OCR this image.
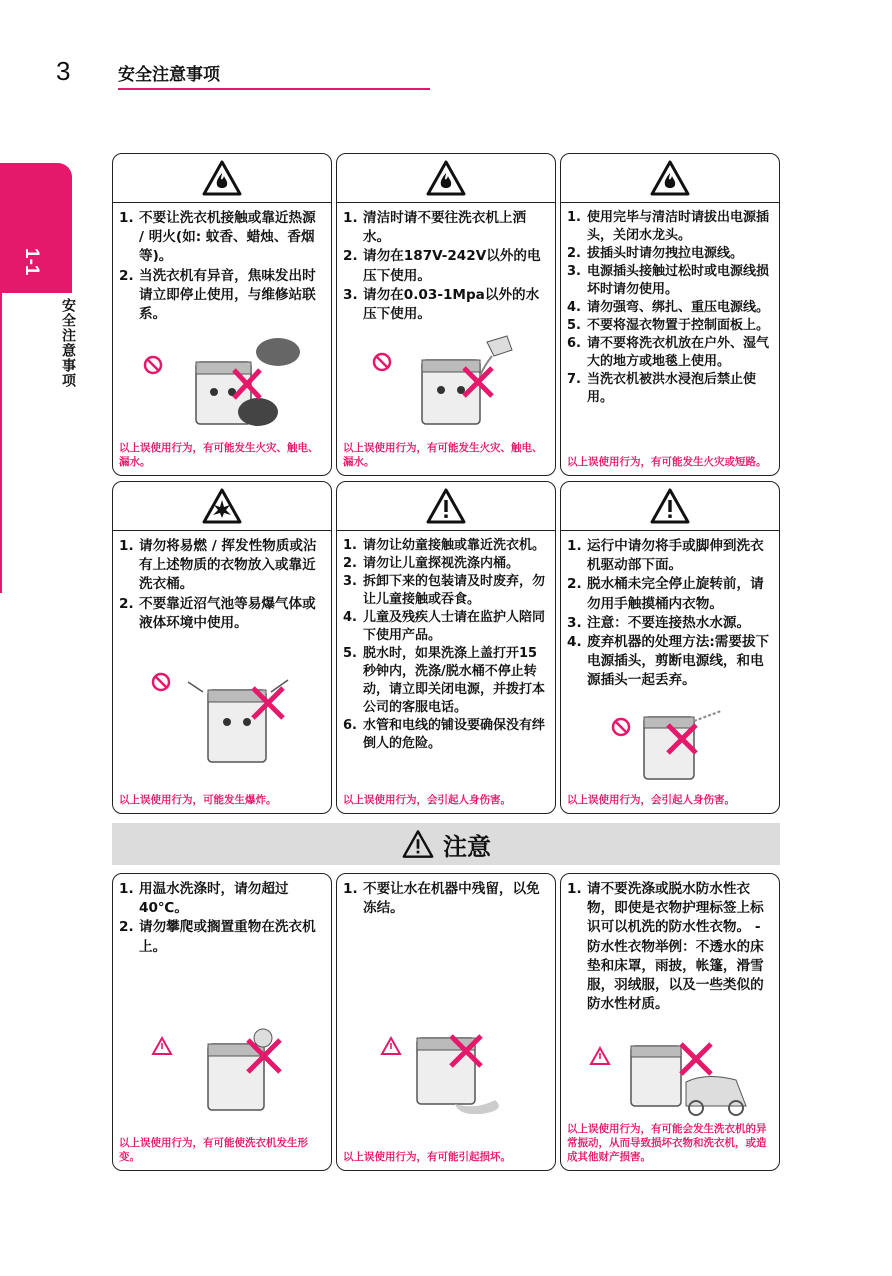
3	安全注意事项
1-1
安全注意事项
1. 不要让洗衣机接触或靠近热源 / 明火(如: 蚊香、蜡烛、香烟等)。
2. 当洗衣机有异音，焦味发出时请立即停止使用，与维修站联系。
以上误使用行为，有可能发生火灾、触电、漏水。
1. 清洁时请不要往洗衣机上洒水。
2. 请勿在187V-242V以外的电压下使用。
3. 请勿在0.03-1Mpa以外的水压下使用。
以上误使用行为，有可能发生火灾、触电、漏水。
1. 使用完毕与清洁时请拔出电源插头，关闭水龙头。
2. 拔插头时请勿拽拉电源线。
3. 电源插头接触过松时或电源线损坏时请勿使用。
4. 请勿强弯、绑扎、重压电源线。
5. 不要将湿衣物置于控制面板上。
6. 请不要将洗衣机放在户外、湿气大的地方或地毯上使用。
7. 当洗衣机被洪水浸泡后禁止使用。
以上误使用行为，有可能发生火灾或短路。
1. 请勿将易燃 / 挥发性物质或沾有上述物质的衣物放入或靠近洗衣桶。
2. 不要靠近沼气池等易爆气体或液体环境中使用。
以上误使用行为，可能发生爆炸。
1. 请勿让幼童接触或靠近洗衣机。
2. 请勿让儿童探视洗涤内桶。
3. 拆卸下来的包装请及时废弃，勿让儿童接触或吞食。
4. 儿童及残疾人士请在监护人陪同下使用产品。
5. 脱水时，如果洗涤上盖打开15秒钟内，洗涤/脱水桶不停止转动，请立即关闭电源，并拨打本公司的客服电话。
6. 水管和电线的铺设要确保没有绊倒人的危险。
以上误使用行为，会引起人身伤害。
1. 运行中请勿将手或脚伸到洗衣机驱动部下面。
2. 脱水桶未完全停止旋转前，请勿用手触摸桶内衣物。
3. 注意：不要连接热水水源。
4. 废弃机器的处理方法:需要拔下电源插头，剪断电源线，和电源插头一起丢弃。
以上误使用行为，会引起人身伤害。
注意
1. 用温水洗涤时，请勿超过40℃。
2. 请勿攀爬或搁置重物在洗衣机上。
以上误使用行为，有可能使洗衣机发生形变。
1. 不要让水在机器中残留，以免冻结。
以上误使用行为，有可能引起损坏。
1. 请不要洗涤或脱水防水性衣物，即使是衣物护理标签上标识可以机洗的防水性衣物。 -防水性衣物举例：不透水的床垫和床罩，雨披，帐篷，滑雪服，羽绒服，以及一些类似的防水性材质。
以上误使用行为，有可能会发生洗衣机的异常振动，从而导致损坏衣物和洗衣机，或造成其他财产损害。
